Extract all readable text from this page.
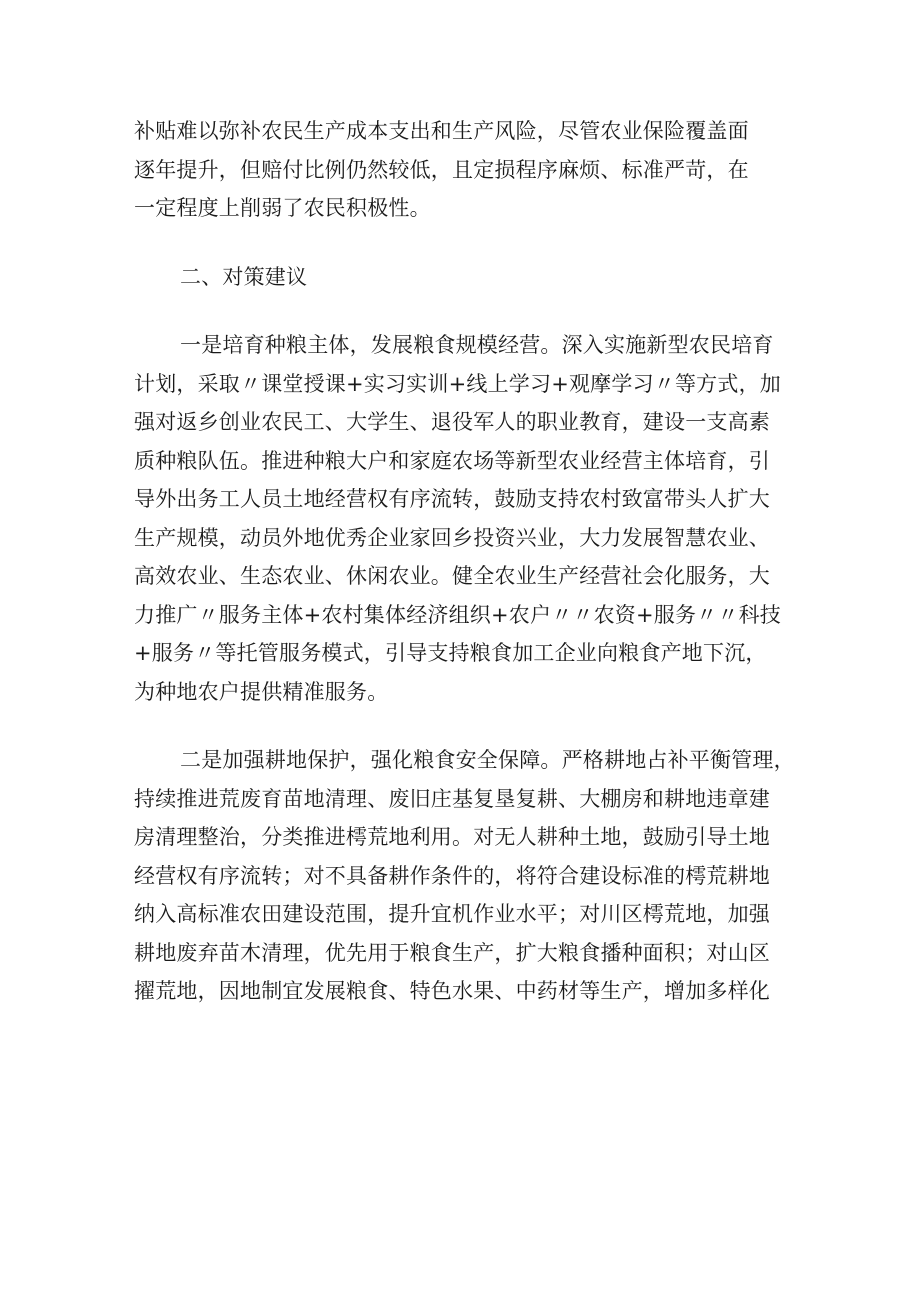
补贴难以弥补农民生产成本支出和生产风险，尽管农业保险覆盖面
逐年提升，但赔付比例仍然较低，且定损程序麻烦、标准严苛，在
一定程度上削弱了农民积极性。
二、对策建议
一是培育种粮主体，发展粮食规模经营。深入实施新型农民培育
计划，采取〃课堂授课+实习实训+线上学习+观摩学习〃等方式，加
强对返乡创业农民工、大学生、退役军人的职业教育，建设一支高素
质种粮队伍。推进种粮大户和家庭农场等新型农业经营主体培育，引
导外出务工人员土地经营权有序流转，鼓励支持农村致富带头人扩大
生产规模，动员外地优秀企业家回乡投资兴业，大力发展智慧农业、
高效农业、生态农业、休闲农业。健全农业生产经营社会化服务，大
力推广〃服务主体+农村集体经济组织+农户〃〃农资+服务〃〃科技
+服务〃等托管服务模式，引导支持粮食加工企业向粮食产地下沉，
为种地农户提供精准服务。
二是加强耕地保护，强化粮食安全保障。严格耕地占补平衡管理，
持续推进荒废育苗地清理、废旧庄基复垦复耕、大棚房和耕地违章建
房清理整治，分类推进樗荒地利用。对无人耕种土地，鼓励引导土地
经营权有序流转；对不具备耕作条件的，将符合建设标准的樗荒耕地
纳入高标准农田建设范围，提升宜机作业水平；对川区樗荒地，加强
耕地废弃苗木清理，优先用于粮食生产，扩大粮食播种面积；对山区
擢荒地，因地制宜发展粮食、特色水果、中药材等生产，增加多样化
